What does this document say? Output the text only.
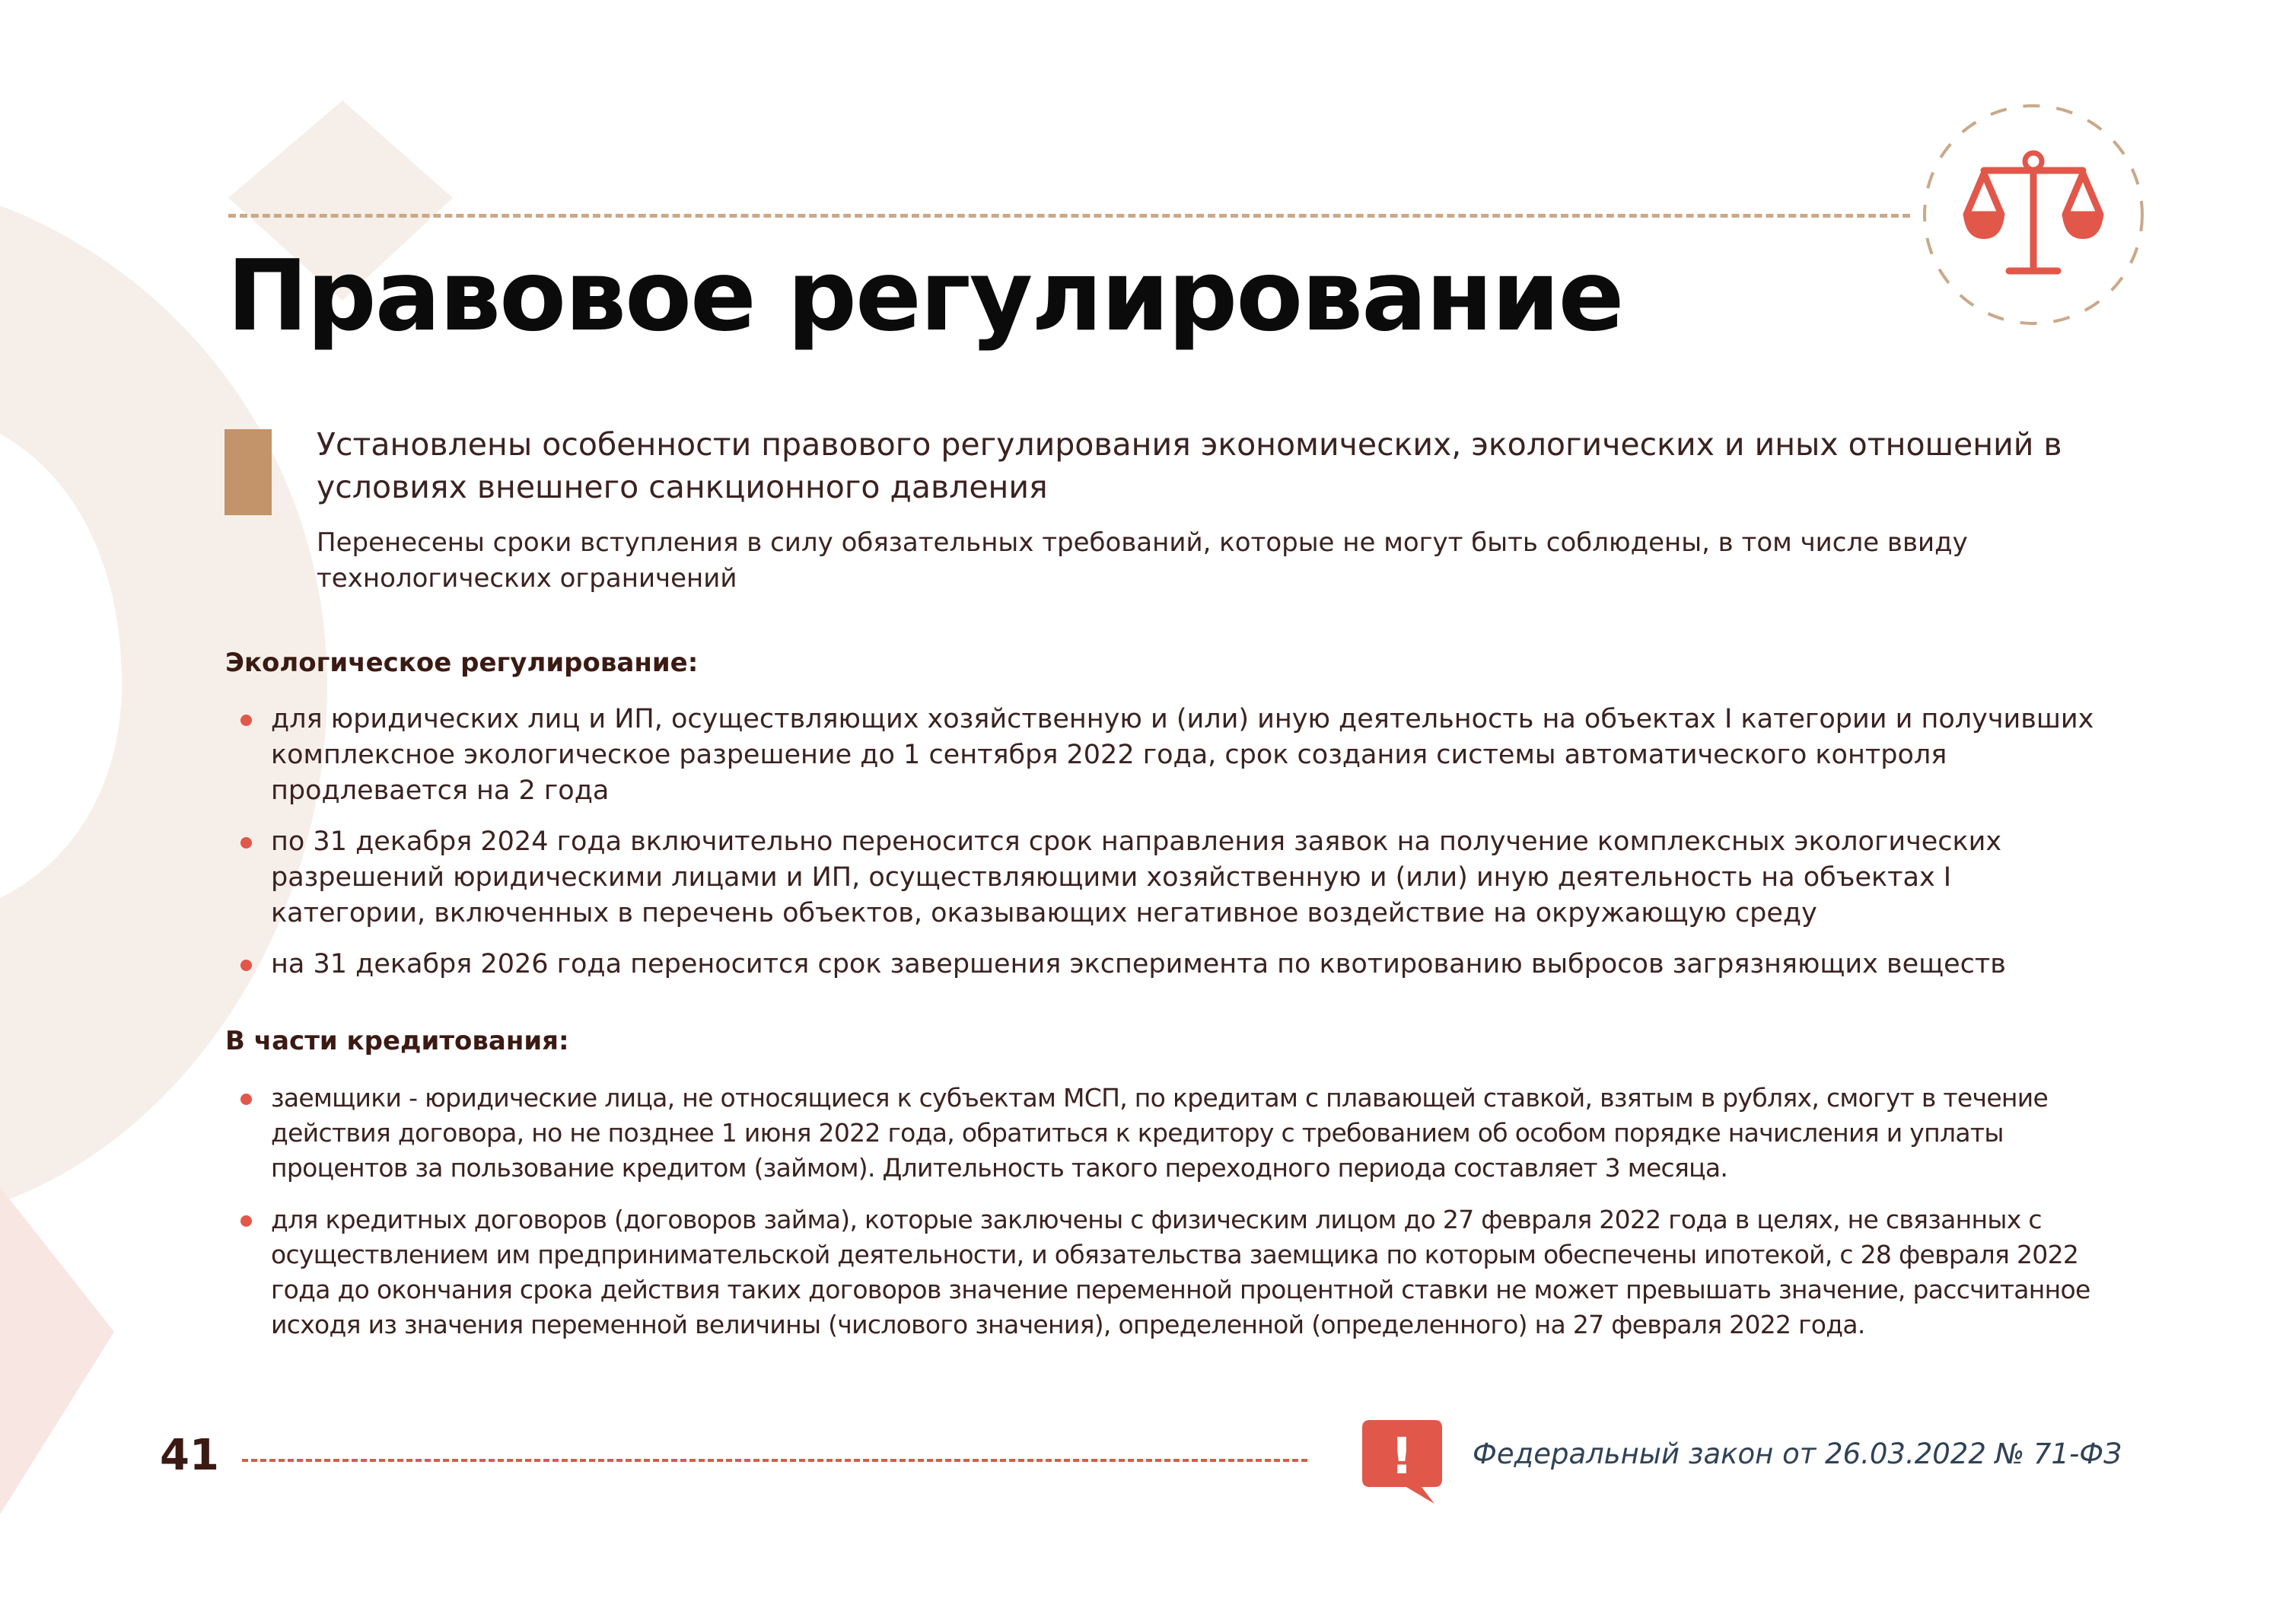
Правовое регулирование

Установлены особенности правового регулирования экономических, экологических и иных отношений в условиях внешнего санкционного давления

Перенесены сроки вступления в силу обязательных требований, которые не могут быть соблюдены, в том числе ввиду технологических ограничений

Экологическое регулирование:
для юридических лиц и ИП, осуществляющих хозяйственную и (или) иную деятельность на объектах I категории и получивших комплексное экологическое разрешение до 1 сентября 2022 года, срок создания системы автоматического контроля продлевается на 2 года
по 31 декабря 2024 года включительно переносится срок направления заявок на получение комплексных экологических разрешений юридическими лицами и ИП, осуществляющими хозяйственную и (или) иную деятельность на объектах I категории, включенных в перечень объектов, оказывающих негативное воздействие на окружающую среду
на 31 декабря 2026 года переносится срок завершения эксперимента по квотированию выбросов загрязняющих веществ
В части кредитования:
заемщики - юридические лица, не относящиеся к субъектам МСП, по кредитам с плавающей ставкой, взятым в рублях, смогут в течение действия договора, но не позднее 1 июня 2022 года, обратиться к кредитору с требованием об особом порядке начисления и уплаты процентов за пользование кредитом (займом). Длительность такого переходного периода составляет 3 месяца.
для кредитных договоров (договоров займа), которые заключены с физическим лицом до 27 февраля 2022 года в целях, не связанных с осуществлением им предпринимательской деятельности, и обязательства заемщика по которым обеспечены ипотекой, с 28 февраля 2022 года до окончания срока действия таких договоров значение переменной процентной ставки не может превышать значение, рассчитанное исходя из значения переменной величины (числового значения), определенной (определенного) на 27 февраля 2022 года.

41	! Федеральный закон от 26.03.2022 № 71-ФЗ
